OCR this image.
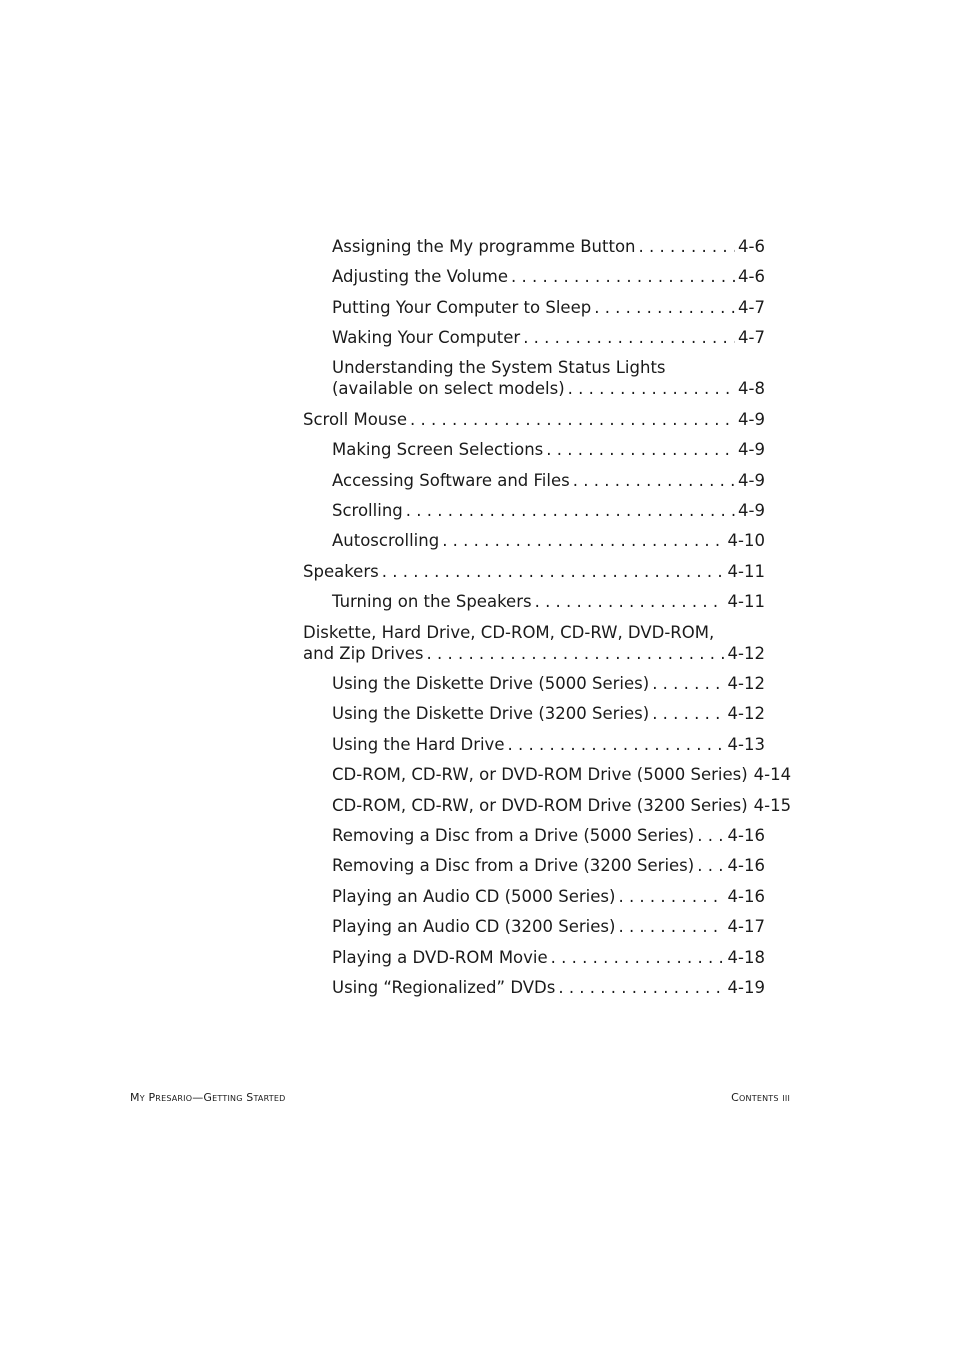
Assigning the My programme Button . . .	4-6
Adjusting the Volume . . .	4-6
Putting Your Computer to Sleep . . .	4-7
Waking Your Computer . . .	4-7
Understanding the System Status Lights
(available on select models) . . .	4-8
Scroll Mouse . . .	4-9
Making Screen Selections . . .	4-9
Accessing Software and Files . . .	4-9
Scrolling . . .	4-9
Autoscrolling . . .	4-10
Speakers . . .	4-11
Turning on the Speakers . . .	4-11
Diskette, Hard Drive, CD-ROM, CD-RW, DVD-ROM,
and Zip Drives . . .	4-12
Using the Diskette Drive (5000 Series) . . .	4-12
Using the Diskette Drive (3200 Series) . . .	4-12
Using the Hard Drive . . .	4-13
CD-ROM, CD-RW, or DVD-ROM Drive (5000 Series) 4-14
CD-ROM, CD-RW, or DVD-ROM Drive (3200 Series) 4-15
Removing a Disc from a Drive (5000 Series) . . . 4-16
Removing a Disc from a Drive (3200 Series) . . . 4-16
Playing an Audio CD (5000 Series) . . .	4-16
Playing an Audio CD (3200 Series) . . .	4-17
Playing a DVD-ROM Movie . . .	4-18
Using “Regionalized” DVDs . . .	4-19
My Presario—Getting Started	Contents iii
